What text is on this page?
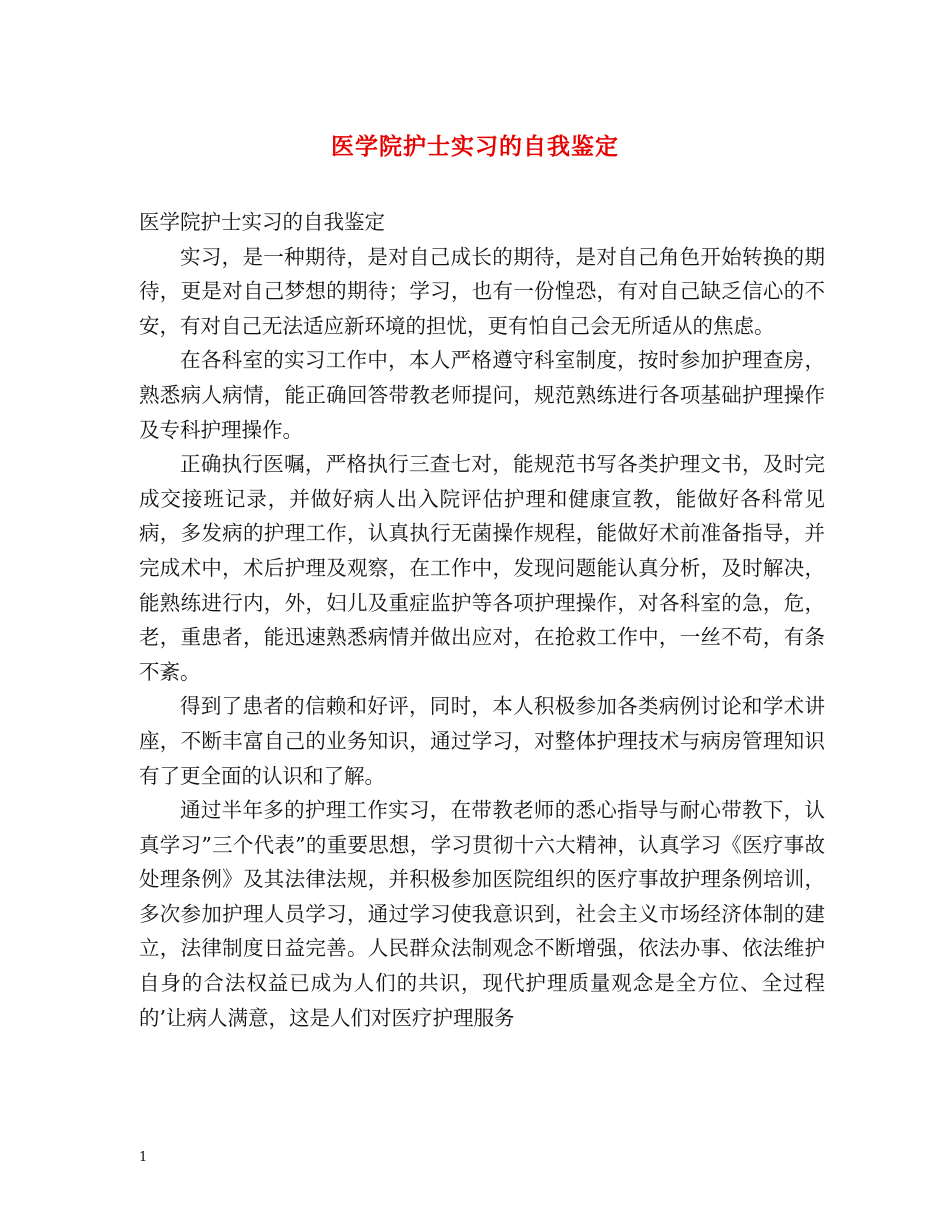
医学院护士实习的自我鉴定

医学院护士实习的自我鉴定

实习，是一种期待，是对自己成长的期待，是对自己角色开始转换的期待，更是对自己梦想的期待；学习，也有一份惶恐，有对自己缺乏信心的不安，有对自己无法适应新环境的担忧，更有怕自己会无所适从的焦虑。

在各科室的实习工作中，本人严格遵守科室制度，按时参加护理查房，熟悉病人病情，能正确回答带教老师提问，规范熟练进行各项基础护理操作及专科护理操作。

正确执行医嘱，严格执行三查七对，能规范书写各类护理文书，及时完成交接班记录，并做好病人出入院评估护理和健康宣教，能做好各科常见病，多发病的护理工作，认真执行无菌操作规程，能做好术前准备指导，并完成术中，术后护理及观察，在工作中，发现问题能认真分析，及时解决，能熟练进行内，外，妇儿及重症监护等各项护理操作，对各科室的急，危，老，重患者，能迅速熟悉病情并做出应对，在抢救工作中，一丝不苟，有条不紊。

得到了患者的信赖和好评，同时，本人积极参加各类病例讨论和学术讲座，不断丰富自己的业务知识，通过学习，对整体护理技术与病房管理知识有了更全面的认识和了解。

通过半年多的护理工作实习，在带教老师的悉心指导与耐心带教下，认真学习”三个代表”的重要思想，学习贯彻十六大精神，认真学习《医疗事故处理条例》及其法律法规，并积极参加医院组织的医疗事故护理条例培训，多次参加护理人员学习，通过学习使我意识到，社会主义市场经济体制的建立，法律制度日益完善。人民群众法制观念不断增强，依法办事、依法维护自身的合法权益已成为人们的共识，现代护理质量观念是全方位、全过程的’让病人满意，这是人们对医疗护理服务

1
